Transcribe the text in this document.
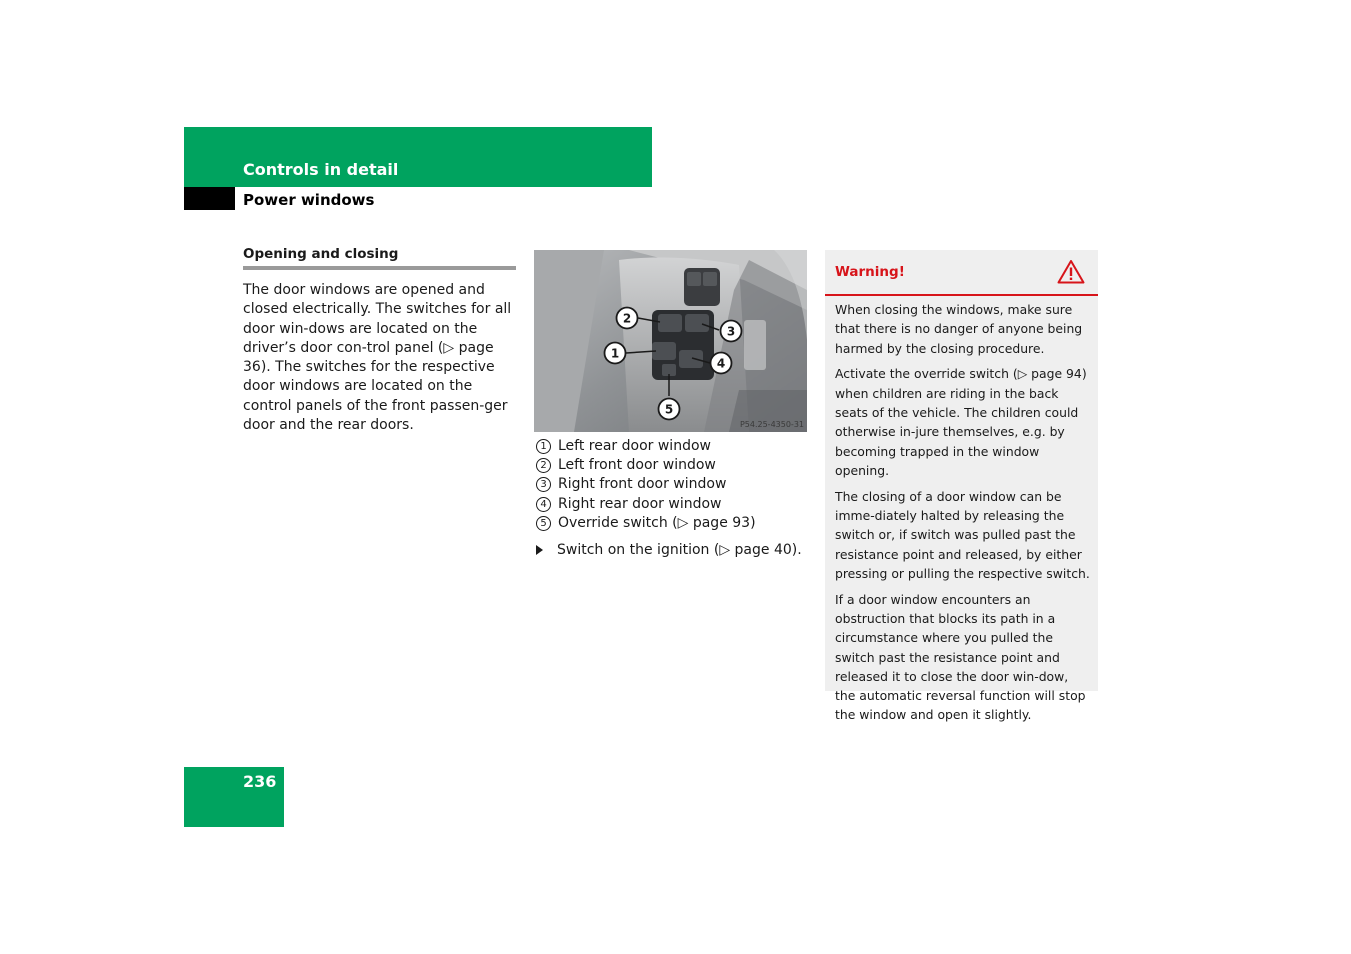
Controls in detail
Power windows
Opening and closing

The door windows are opened and closed electrically. The switches for all door win-dows are located on the driver’s door con-trol panel (▷ page 36). The switches for the respective door windows are located on the control panels of the front passen-ger door and the rear doors.

2
3
1
4
5
P54.25-4350-31
1 Left rear door window
2 Left front door window
3 Right front door window
4 Right rear door window
5 Override switch (▷ page 93)
Switch on the ignition (▷ page 40).
Warning!

When closing the windows, make sure that there is no danger of anyone being harmed by the closing procedure.

Activate the override switch (▷ page 94) when children are riding in the back seats of the vehicle. The children could otherwise in-jure themselves, e.g. by becoming trapped in the window opening.

The closing of a door window can be imme-diately halted by releasing the switch or, if switch was pulled past the resistance point and released, by either pressing or pulling the respective switch.

If a door window encounters an obstruction that blocks its path in a circumstance where you pulled the switch past the resistance point and released it to close the door win-dow, the automatic reversal function will stop the window and open it slightly.

236
